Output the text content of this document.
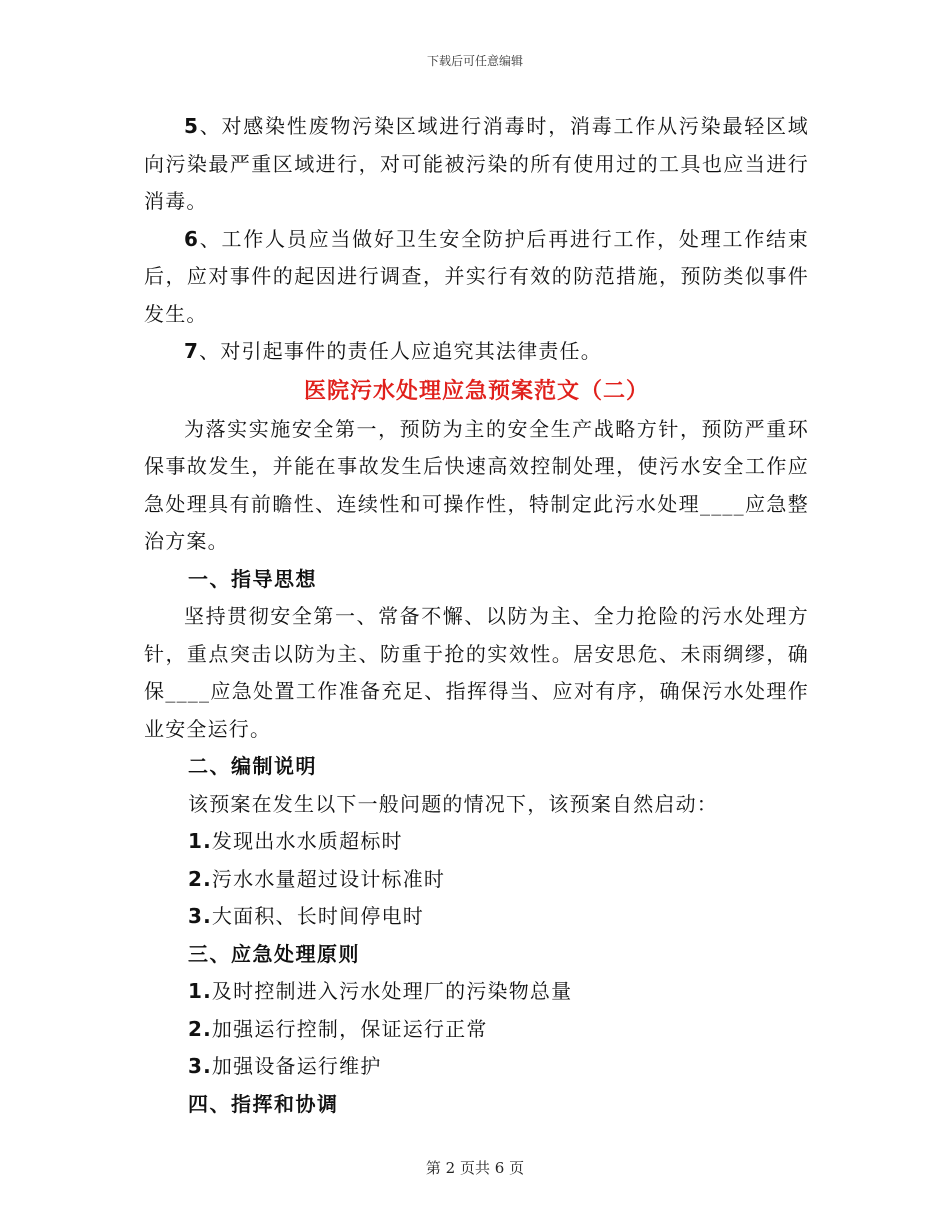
下载后可任意编辑

5、对感染性废物污染区域进行消毒时，消毒工作从污染最轻区域向污染最严重区域进行，对可能被污染的所有使用过的工具也应当进行消毒。

6、工作人员应当做好卫生安全防护后再进行工作，处理工作结束后，应对事件的起因进行调查，并实行有效的防范措施，预防类似事件发生。

7、对引起事件的责任人应追究其法律责任。

医院污水处理应急预案范文（二）

为落实实施安全第一，预防为主的安全生产战略方针，预防严重环保事故发生，并能在事故发生后快速高效控制处理，使污水安全工作应急处理具有前瞻性、连续性和可操作性，特制定此污水处理____应急整治方案。

一、指导思想

坚持贯彻安全第一、常备不懈、以防为主、全力抢险的污水处理方针，重点突击以防为主、防重于抢的实效性。居安思危、未雨绸缪，确保____应急处置工作准备充足、指挥得当、应对有序，确保污水处理作业安全运行。

二、编制说明

该预案在发生以下一般问题的情况下，该预案自然启动：

1.发现出水水质超标时

2.污水水量超过设计标准时

3.大面积、长时间停电时

三、应急处理原则

1.及时控制进入污水处理厂的污染物总量

2.加强运行控制，保证运行正常

3.加强设备运行维护

四、指挥和协调

第 2 页共 6 页
